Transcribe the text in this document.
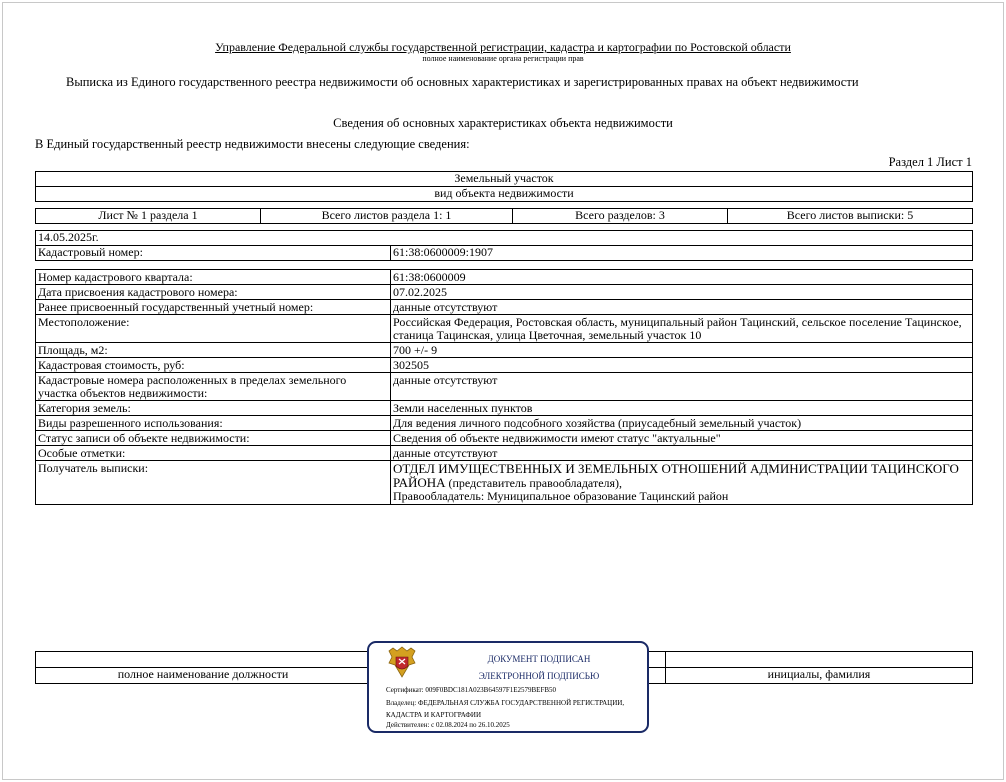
Управление Федеральной службы государственной регистрации, кадастра и картографии по Ростовской области
полное наименование органа регистрации прав
Выписка из Единого государственного реестра недвижимости об основных характеристиках и зарегистрированных правах на объект недвижимости
Сведения об основных характеристиках объекта недвижимости
В Единый государственный реестр недвижимости внесены следующие сведения:
Раздел 1 Лист 1
Земельный участок
вид объекта недвижимости
Лист № 1 раздела 1	Всего листов раздела 1: 1	Всего разделов: 3	Всего листов выписки: 5
14.05.2025г.
Кадастровый номер:	61:38:0600009:1907
Номер кадастрового квартала:	61:38:0600009
Дата присвоения кадастрового номера:	07.02.2025
Ранее присвоенный государственный учетный номер:	данные отсутствуют
Местоположение:	Российская Федерация, Ростовская область, муниципальный район Тацинский, сельское поселение Тацинское, станица Тацинская, улица Цветочная, земельный участок 10
Площадь, м2:	700 +/- 9
Кадастровая стоимость, руб:	302505
Кадастровые номера расположенных в пределах земельного участка объектов недвижимости:	данные отсутствуют
Категория земель:	Земли населенных пунктов
Виды разрешенного использования:	Для ведения личного подсобного хозяйства (приусадебный земельный участок)
Статус записи об объекте недвижимости:	Сведения об объекте недвижимости имеют статус "актуальные"
Особые отметки:	данные отсутствуют
Получатель выписки:	ОТДЕЛ ИМУЩЕСТВЕННЫХ И ЗЕМЕЛЬНЫХ ОТНОШЕНИЙ АДМИНИСТРАЦИИ ТАЦИНСКОГО РАЙОНА (представитель правообладателя),
Правообладатель: Муниципальное образование Тацинский район

полное наименование должности		инициалы, фамилия
ДОКУМЕНТ ПОДПИСАН
ЭЛЕКТРОННОЙ ПОДПИСЬЮ
Сертификат: 009F0BDC181A023B64597F1E2579BEFB50
Владелец: ФЕДЕРАЛЬНАЯ СЛУЖБА ГОСУДАРСТВЕННОЙ РЕГИСТРАЦИИ, КАДАСТРА И КАРТОГРАФИИ
Действителен: с 02.08.2024 по 26.10.2025
